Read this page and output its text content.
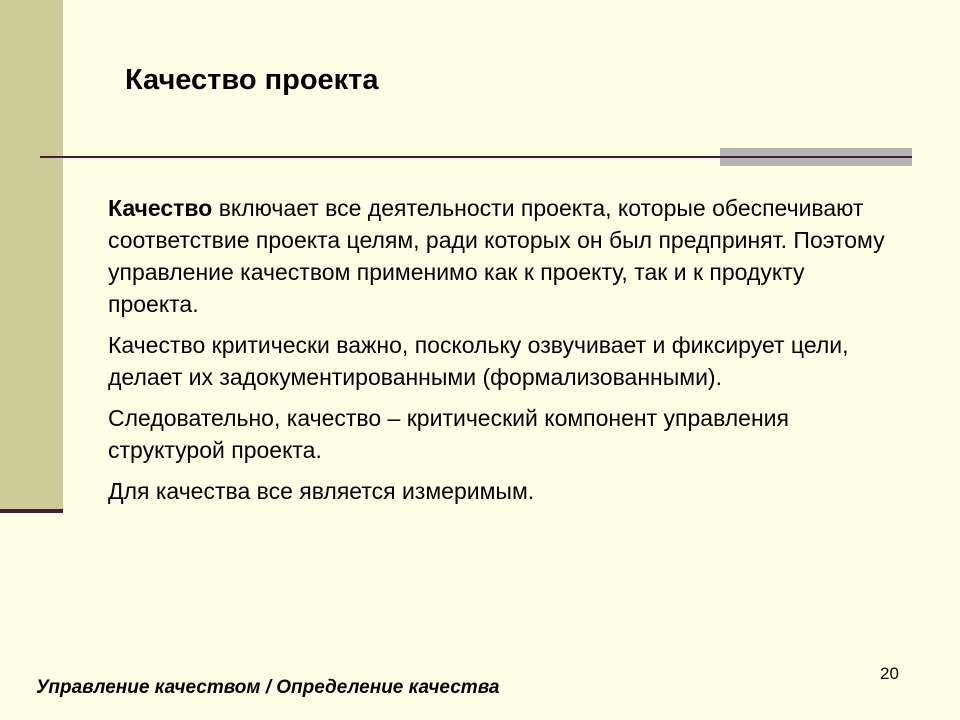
Качество проекта

Качество включает все деятельности проекта, которые обеспечивают соответствие проекта целям, ради которых он был предпринят. Поэтому управление качеством применимо как к проекту, так и к продукту проекта.

Качество критически важно, поскольку озвучивает и фиксирует цели, делает их задокументированными (формализованными).

Следовательно, качество – критический компонент управления структурой проекта.

Для качества все является измеримым.

Управление качеством / Определение качества
20
